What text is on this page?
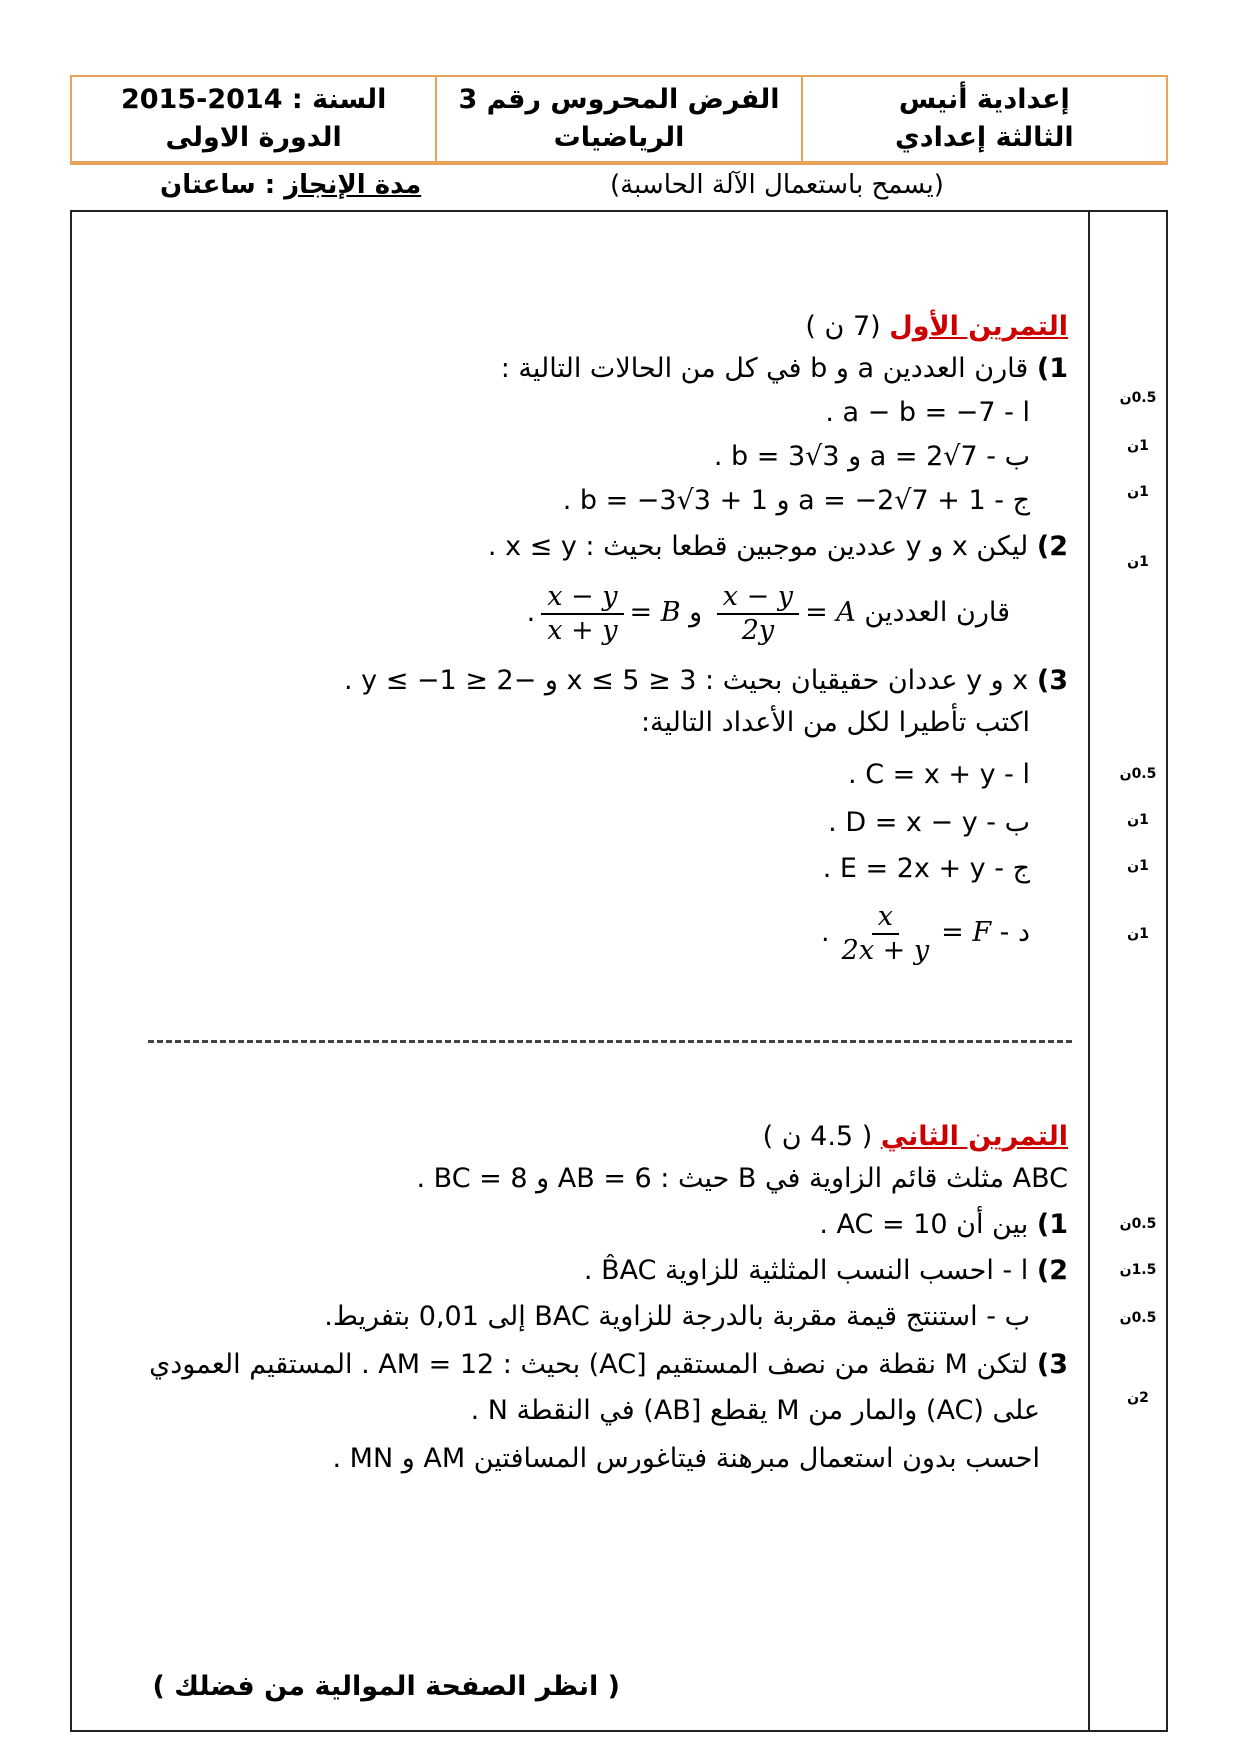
إعدادية أنيس
الثالثة إعدادي
الفرض المحروس رقم 3
الرياضيات
السنة : 2014-2015
الدورة الاولى
(يسمح باستعمال الآلة الحاسبة)
مدة الإنجاز : ساعتان
التمرين الأول (7 ن )
1) قارن العددين a و b في كل من الحالات التالية :
ا - a − b = −7 .
ب - a = 2√7 و b = 3√3 .
ج - a = −2√7 + 1 و b = −3√3 + 1 .
2) ليكن x و y عددين موجبين قطعا بحيث : x ≤ y .
قارن العددين A =
$\frac{x - y}{2y}$
و B =
$\frac{x - y}{x + y}$
.
3) x و y عددان حقيقيان بحيث : 3 ≤ x ≤ 5 و −2 ≤ y ≤ −1 .
اكتب تأطيرا لكل من الأعداد التالية:
ا - C = x + y .
ب - D = x − y .
ج - E = 2x + y .
د - F =
$\frac{x}{2x + y}$
.
التمرين الثاني ( 4.5 ن )
ABC مثلث قائم الزاوية في B حيث : AB = 6 و BC = 8 .
1) بين أن AC = 10 .
2) ا - احسب النسب المثلثية للزاوية B̂AC .
ب - استنتج قيمة مقربة بالدرجة للزاوية BAC إلى 0,01 بتفريط.
3) لتكن M نقطة من نصف المستقيم [AC) بحيث : AM = 12 . المستقيم العمودي
على (AC) والمار من M يقطع [AB) في النقطة N .
احسب بدون استعمال مبرهنة فيتاغورس المسافتين AM و MN .
( انظر الصفحة الموالية من فضلك )
0.5ن
1ن
1ن
1ن
0.5ن
1ن
1ن
1ن
0.5ن
1.5ن
0.5ن
2ن
